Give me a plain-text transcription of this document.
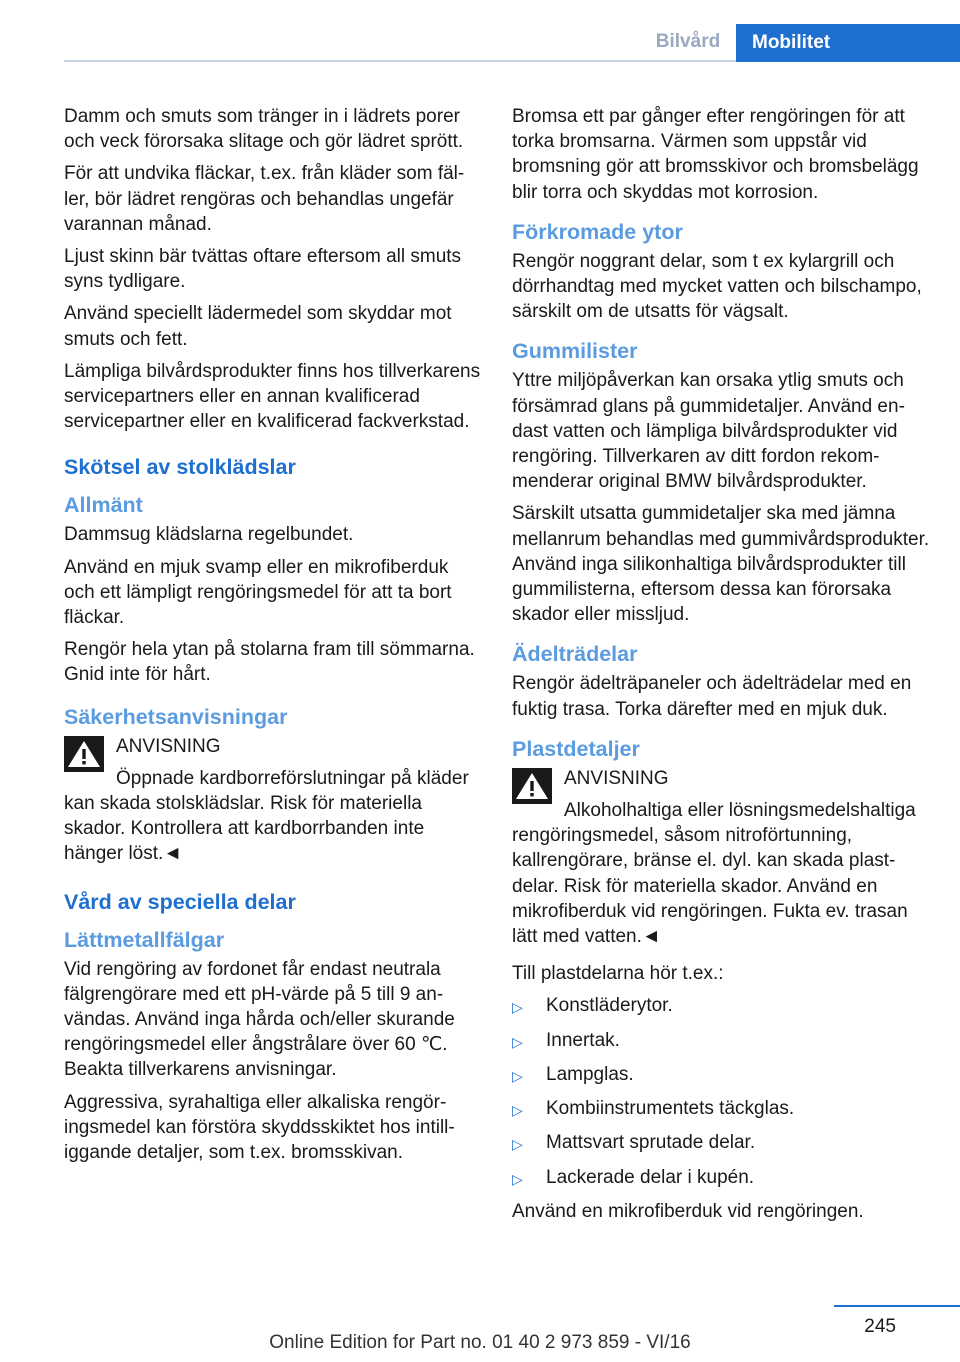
Bilvård	Mobilitet

Damm och smuts som tränger in i lädrets porer och veck förorsaka slitage och gör lädret sprött.

För att undvika fläckar, t.ex. från kläder som fäller, bör lädret rengöras och behandlas ungefär varannan månad.

Ljust skinn bär tvättas oftare eftersom all smuts syns tydligare.

Använd speciellt lädermedel som skyddar mot smuts och fett.

Lämpliga bilvårdsprodukter finns hos tillverkarens servicepartners eller en annan kvalificerad servicepartner eller en kvalificerad fackverkstad.

Skötsel av stolklädslar
Allmänt

Dammsug klädslarna regelbundet.

Använd en mjuk svamp eller en mikrofiberduk och ett lämpligt rengöringsmedel för att ta bort fläckar.

Rengör hela ytan på stolarna fram till sömmarna. Gnid inte för hårt.

Säkerhetsanvisningar
ANVISNING
Öppnade kardborreförslutningar på kläder kan skada stolsklädslar. Risk för materiella skador. Kontrollera att kardborrbanden inte hänger löst.◄
Vård av speciella delar
Lättmetallfälgar

Vid rengöring av fordonet får endast neutrala fälgrengörare med ett pH-värde på 5 till 9 användas. Använd inga hårda och/eller skurande rengöringsmedel eller ångstrålare över 60 ℃. Beakta tillverkarens anvisningar.

Aggressiva, syrahaltiga eller alkaliska rengöringsmedel kan förstöra skyddsskiktet hos intilliggande detaljer, som t.ex. bromsskivan.

Bromsa ett par gånger efter rengöringen för att torka bromsarna. Värmen som uppstår vid bromsning gör att bromsskivor och bromsbelägg blir torra och skyddas mot korrosion.

Förkromade ytor

Rengör noggrant delar, som t ex kylargrill och dörrhandtag med mycket vatten och bilschampo, särskilt om de utsatts för vägsalt.

Gummilister

Yttre miljöpåverkan kan orsaka ytlig smuts och försämrad glans på gummidetaljer. Använd endast vatten och lämpliga bilvårdsprodukter vid rengöring. Tillverkaren av ditt fordon rekommenderar original BMW bilvårdsprodukter.

Särskilt utsatta gummidetaljer ska med jämna mellanrum behandlas med gummivårdsprodukter. Använd inga silikonhaltiga bilvårdsprodukter till gummilisterna, eftersom dessa kan förorsaka skador eller missljud.

Ädelträdelar

Rengör ädelträpaneler och ädelträdelar med en fuktig trasa. Torka därefter med en mjuk duk.

Plastdetaljer
ANVISNING
Alkoholhaltiga eller lösningsmedelshaltiga rengöringsmedel, såsom nitroförtunning, kallrengörare, bränse el. dyl. kan skada plastdelar. Risk för materiella skador. Använd en mikrofiberduk vid rengöringen. Fukta ev. trasan lätt med vatten.◄

Till plastdelarna hör t.ex.:

▷	Konstläderytor.
▷	Innertak.
▷	Lampglas.
▷	Kombiinstrumentets täckglas.
▷	Mattsvart sprutade delar.
▷	Lackerade delar i kupén.

Använd en mikrofiberduk vid rengöringen.

245
Online Edition for Part no. 01 40 2 973 859 - VI/16
